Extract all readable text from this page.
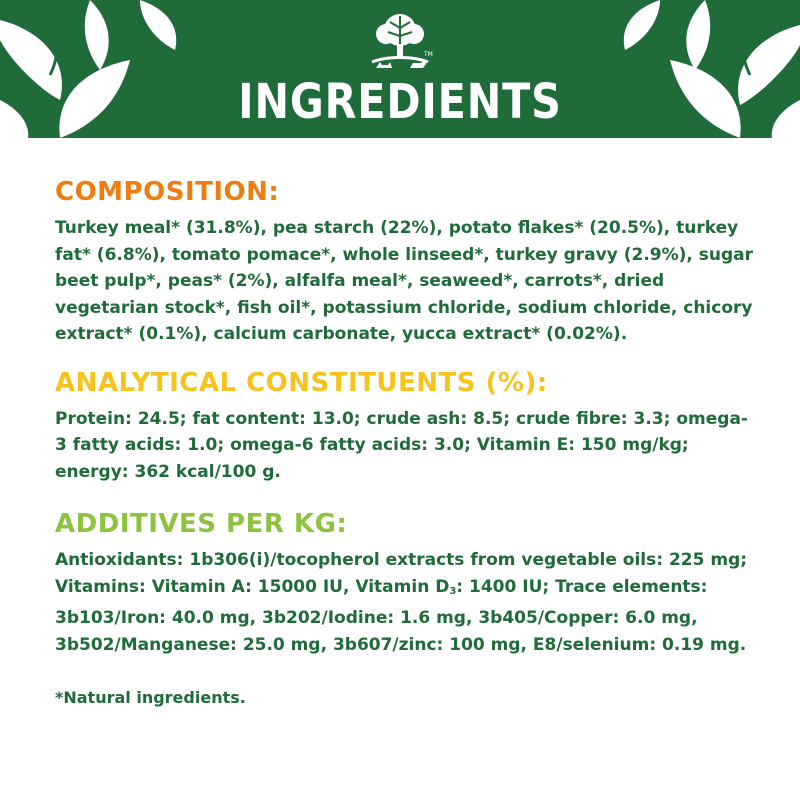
TM
INGREDIENTS
COMPOSITION:

Turkey meal* (31.8%), pea starch (22%), potato flakes* (20.5%), turkey fat* (6.8%), tomato pomace*, whole linseed*, turkey gravy (2.9%), sugar beet pulp*, peas* (2%), alfalfa meal*, seaweed*, carrots*, dried vegetarian stock*, fish oil*, potassium chloride, sodium chloride, chicory extract* (0.1%), calcium carbonate, yucca extract* (0.02%).

ANALYTICAL CONSTITUENTS (%):

Protein: 24.5; fat content: 13.0; crude ash: 8.5; crude fibre: 3.3; omega-3 fatty acids: 1.0; omega-6 fatty acids: 3.0; Vitamin E: 150 mg/kg; energy: 362 kcal/100 g.

ADDITIVES PER KG:

Antioxidants: 1b306(i)/tocopherol extracts from vegetable oils: 225 mg; Vitamins: Vitamin A: 15000 IU, Vitamin $D_3$: 1400 IU; Trace elements: 3b103/Iron: 40.0 mg, 3b202/Iodine: 1.6 mg, 3b405/Copper: 6.0 mg, 3b502/Manganese: 25.0 mg, 3b607/zinc: 100 mg, E8/selenium: 0.19 mg.

*Natural ingredients.
